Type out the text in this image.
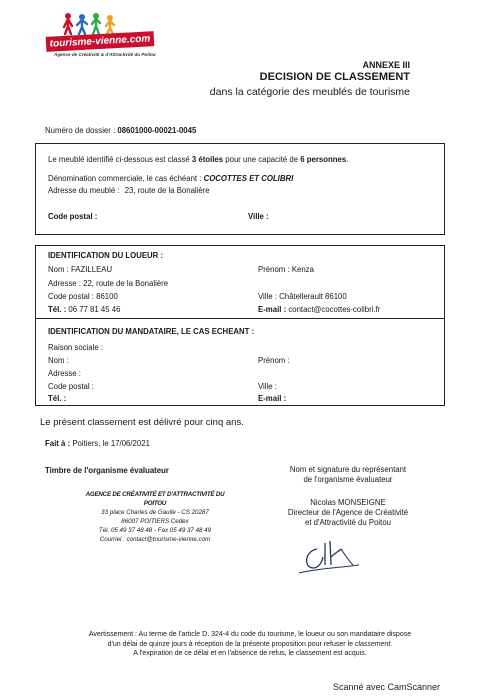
tourisme-vienne.com
Agence de Créativité & d'Attractivité du Poitou
ANNEXE III
DECISION DE CLASSEMENT
dans la catégorie des meublés de tourisme
Numéro de dossier : 08601000-00021-0045
Le meublé identifié ci-dessous est classé 3 étoiles pour une capacité de 6 personnes.
Dénomination commerciale, le cas échéant : COCOTTES ET COLIBRI
Adresse du meublé : 23, route de la Bonalière
Code postal :	Ville :
IDENTIFICATION DU LOUEUR :
Nom : FAZILLEAU	Prénom : Kenza
Adresse : 22, route de la Bonalière
Code postal : 86100	Ville : Châtellerault 86100
Tél. : 06 77 81 45 46	E-mail : contact@cocottes-colibri.fr
IDENTIFICATION DU MANDATAIRE, LE CAS ECHEANT :
Raison sociale :
Nom :	Prénom :
Adresse :
Code postal :	Ville :
Tél. :	E-mail :
Le présent classement est délivré pour cinq ans.
Fait à : Poitiers, le 17/06/2021
Timbre de l'organisme évaluateur
AGENCE DE CRÉATIVITÉ ET D'ATTRACTIVITÉ DU POITOU
33 place Charles de Gaulle - CS 20287
86007 POITIERS Cedex
Tél. 05 49 37 48 48 - Fax 05 49 37 48 49
Courriel : contact@tourisme-vienne.com
Nom et signature du représentant
de l'organisme évaluateur
Nicolas MONSEIGNE
Directeur de l'Agence de Créativité
et d'Attractivité du Poitou
Avertissement : Au terme de l'article D. 324-4 du code du tourisme, le loueur ou son mandataire dispose
d'un délai de quinze jours à réception de la présente proposition pour refuser le classement.
A l'expiration de ce délai et en l'absence de refus, le classement est acquis.
Scanné avec CamScanner
